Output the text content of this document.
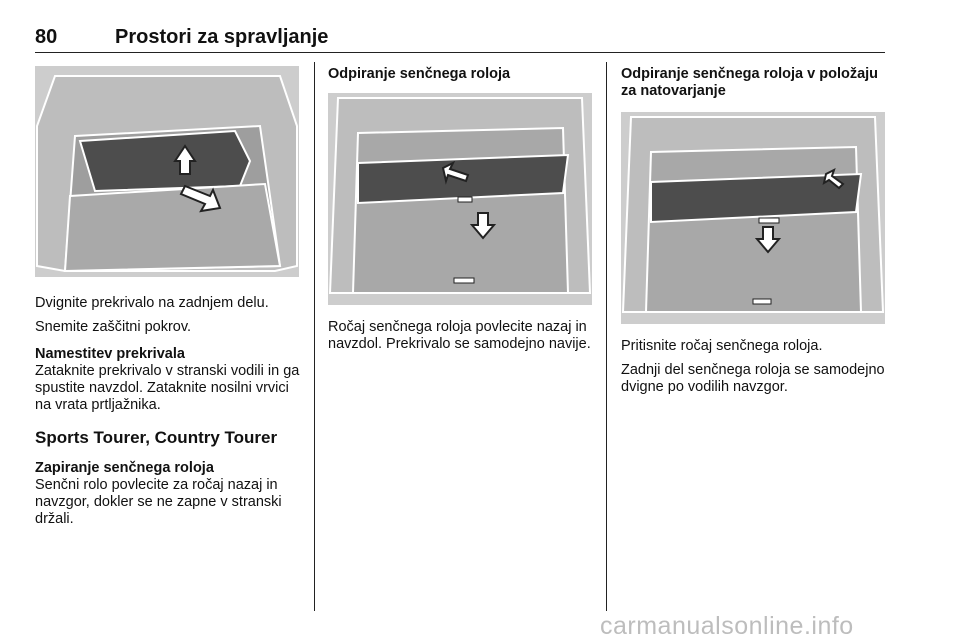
80	Prostori za spravljanje

Dvignite prekrivalo na zadnjem delu.

Snemite zaščitni pokrov.

Namestitev prekrivala

Zataknite prekrivalo v stranski vodili in ga spustite navzdol. Zataknite nosilni vrvici na vrata prtljažnika.

Sports Tourer, Country Tourer

Zapiranje senčnega roloja

Senčni rolo povlecite za ročaj nazaj in navzgor, dokler se ne zapne v stranski držali.

Odpiranje senčnega roloja

Ročaj senčnega roloja povlecite nazaj in navzdol. Prekrivalo se samodejno navije.

Odpiranje senčnega roloja v položaju za natovarjanje

Pritisnite ročaj senčnega roloja.

Zadnji del senčnega roloja se samodejno dvigne po vodilih navzgor.

carmanualsonline.info
